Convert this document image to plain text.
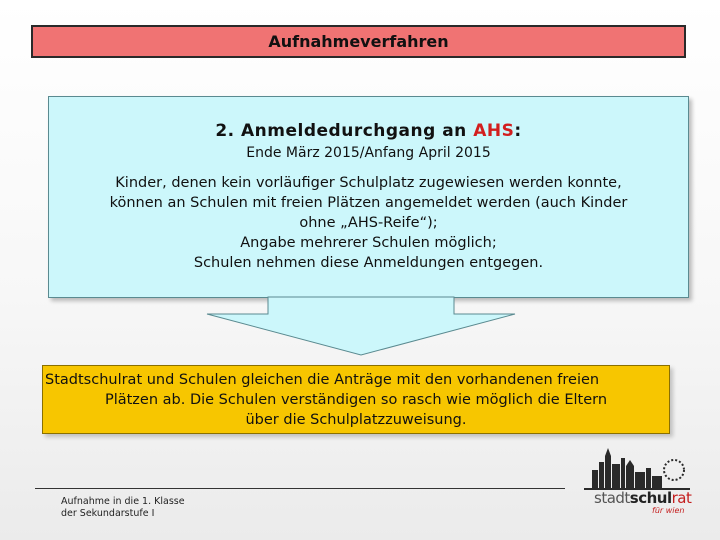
Aufnahmeverfahren
2. Anmeldedurchgang an AHS:
Ende März 2015/Anfang April 2015
Kinder, denen kein vorläufiger Schulplatz zugewiesen werden konnte,
können an Schulen mit freien Plätzen angemeldet werden (auch Kinder
ohne „AHS-Reife“);
Angabe mehrerer Schulen möglich;
Schulen nehmen diese Anmeldungen entgegen.
Stadtschulrat und Schulen gleichen die Anträge mit den vorhandenen freien
Plätzen ab. Die Schulen verständigen so rasch wie möglich die Eltern
über die Schulplatzzuweisung.
Aufnahme in die 1. Klasse
der Sekundarstufe I
stadtschulrat
für wien
